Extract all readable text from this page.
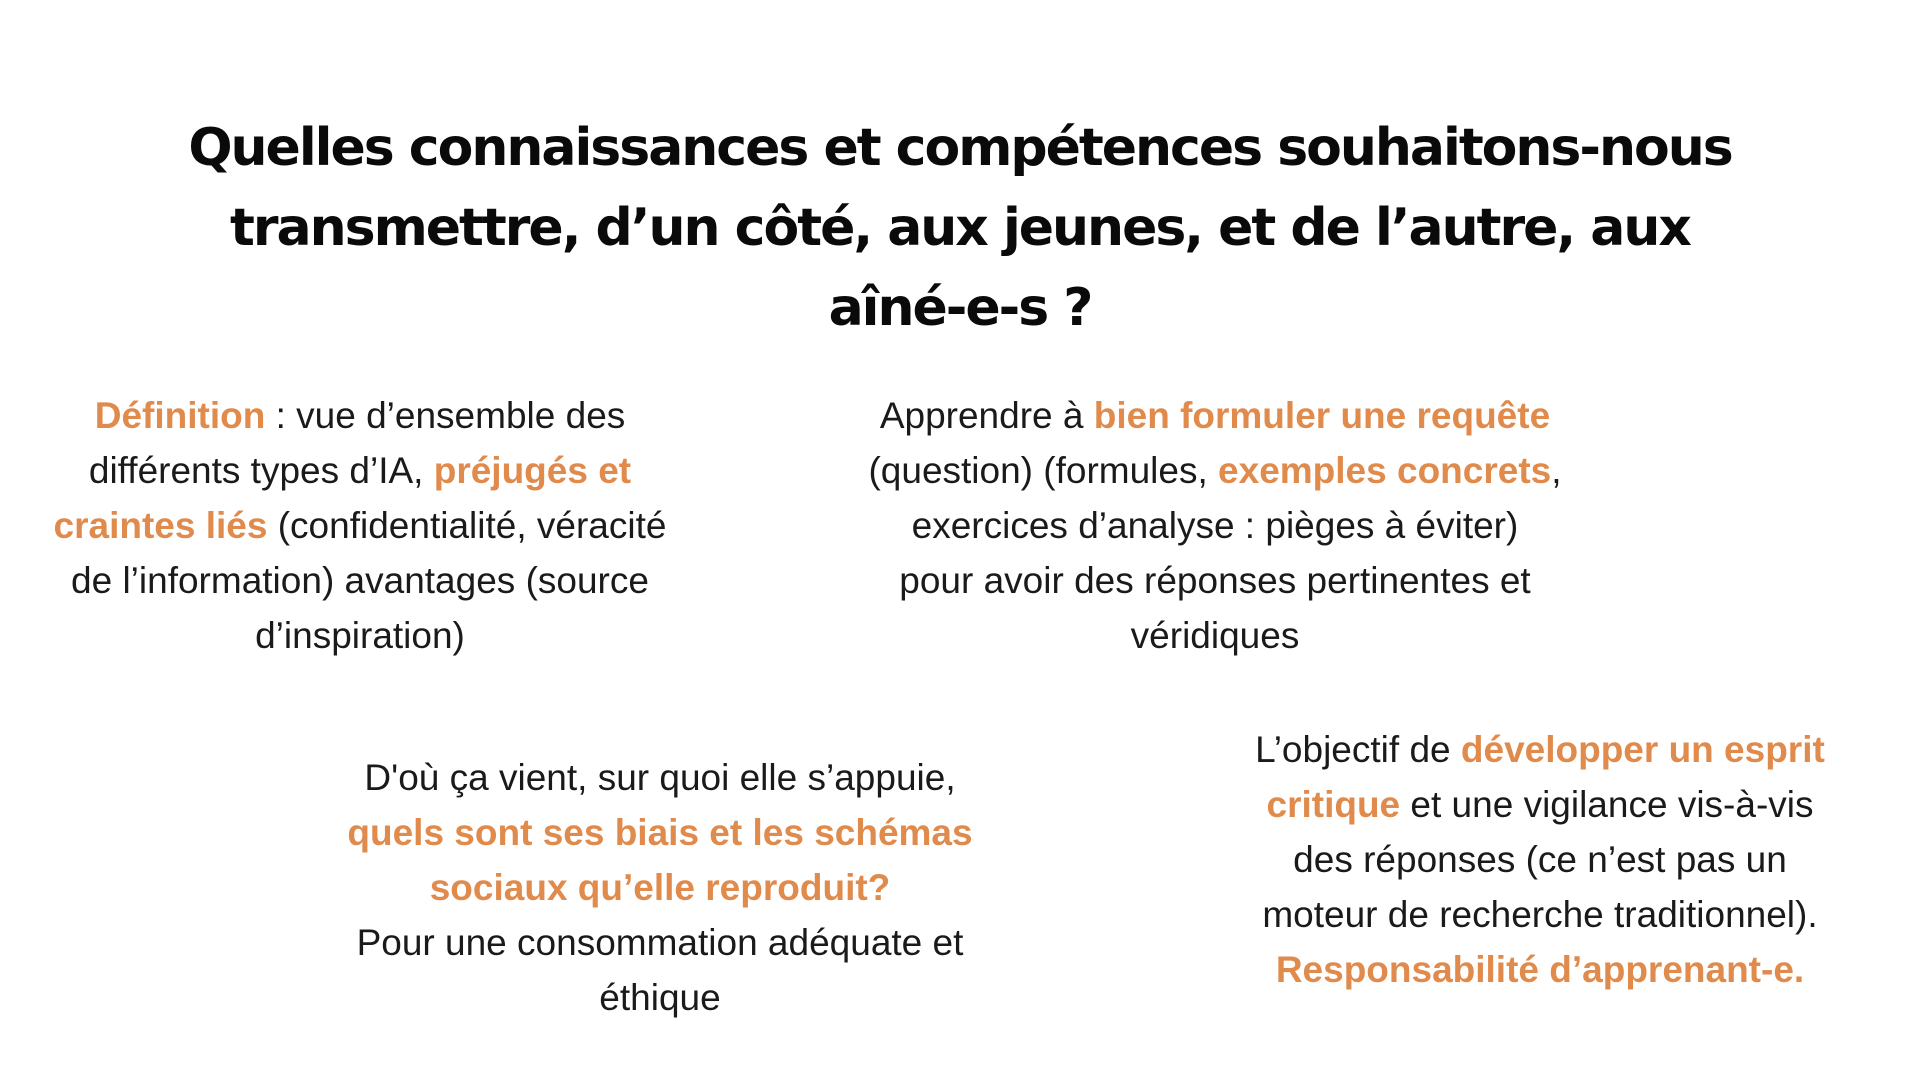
Quelles connaissances et compétences souhaitons-nous
transmettre, d’un côté, aux jeunes, et de l’autre, aux
aîné-e-s ?

Définition : vue d’ensemble des
différents types d’IA, préjugés et
craintes liés (confidentialité, véracité
de l’information) avantages (source
d’inspiration)

Apprendre à bien formuler une requête
(question) (formules, exemples concrets,
exercices d’analyse : pièges à éviter)
pour avoir des réponses pertinentes et
véridiques

D'où ça vient, sur quoi elle s’appuie,
quels sont ses biais et les schémas
sociaux qu’elle reproduit?
Pour une consommation adéquate et
éthique

L’objectif de développer un esprit
critique et une vigilance vis-à-vis
des réponses (ce n’est pas un
moteur de recherche traditionnel).
Responsabilité d’apprenant-e.
